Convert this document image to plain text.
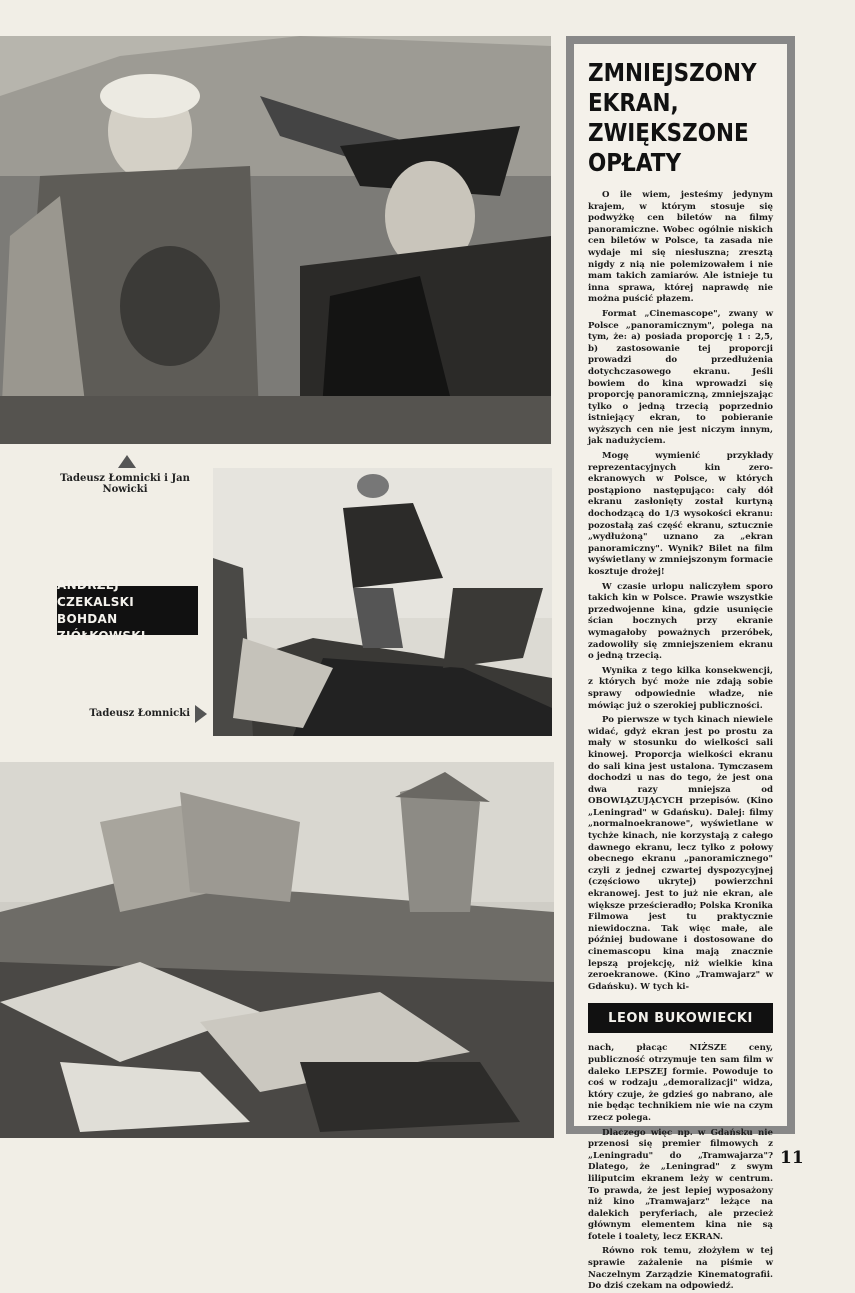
Tadeusz Łomnicki i Jan Nowicki
Tadeusz Łomnicki
ANDRZEJ CZEKALSKI
BOHDAN ZIÓŁKOWSKI
ZMNIEJSZONY
EKRAN,
ZWIĘKSZONE
OPŁATY

O ile wiem, jesteśmy jedynym krajem, w którym stosuje się podwyżkę cen biletów na filmy panoramiczne. Wobec ogólnie niskich cen biletów w Polsce, ta zasada nie wydaje mi się niesłuszna; zresztą nigdy z nią nie polemizowałem i nie mam takich zamiarów. Ale istnieje tu inna sprawa, której naprawdę nie można puścić płazem.

Format „Cinemascope", zwany w Polsce „panoramicznym", polega na tym, że: a) posiada proporcję 1 : 2,5, b) zastosowanie tej proporcji prowadzi do przedłużenia dotychczasowego ekranu. Jeśli bowiem do kina wprowadzi się proporcję panoramiczną, zmniejszając tylko o jedną trzecią poprzednio istniejący ekran, to pobieranie wyższych cen nie jest niczym innym, jak nadużyciem.

Mogę wymienić przykłady reprezentacyjnych kin zero-ekranowych w Polsce, w których postąpiono następująco: cały dół ekranu zasłonięty został kurtyną dochodzącą do 1/3 wysokości ekranu: pozostałą zaś część ekranu, sztucznie „wydłużoną" uznano za „ekran panoramiczny". Wynik? Bilet na film wyświetlany w zmniejszonym formacie kosztuje drożej!

W czasie urlopu naliczyłem sporo takich kin w Polsce. Prawie wszystkie przedwojenne kina, gdzie usunięcie ścian bocznych przy ekranie wymagałoby poważnych przeróbek, zadowoliły się zmniejszeniem ekranu o jedną trzecią.

Wynika z tego kilka konsekwencji, z których być może nie zdają sobie sprawy odpowiednie władze, nie mówiąc już o szerokiej publiczności.

Po pierwsze w tych kinach niewiele widać, gdyż ekran jest po prostu za mały w stosunku do wielkości sali kinowej. Proporcja wielkości ekranu do sali kina jest ustalona. Tymczasem dochodzi u nas do tego, że jest ona dwa razy mniejsza od OBOWIĄZUJĄCYCH przepisów. (Kino „Leningrad" w Gdańsku). Dalej: filmy „normalnoekranowe", wyświetlane w tychże kinach, nie korzystają z całego dawnego ekranu, lecz tylko z połowy obecnego ekranu „panoramicznego" czyli z jednej czwartej dyspozycyjnej (częściowo ukrytej) powierzchni ekranowej. Jest to już nie ekran, ale większe prześcieradło; Polska Kronika Filmowa jest tu praktycznie niewidoczna. Tak więc małe, ale później budowane i dostosowane do cinemascopu kina mają znacznie lepszą projekcję, niż wielkie kina zeroekranowe. (Kino „Tramwajarz" w Gdańsku). W tych ki-

LEON BUKOWIECKI

nach, płacąc NIŻSZE ceny, publiczność otrzymuje ten sam film w daleko LEPSZEJ formie. Powoduje to coś w rodzaju „demoralizacji" widza, który czuje, że gdzieś go nabrano, ale nie będąc technikiem nie wie na czym rzecz polega.

Dlaczego więc np. w Gdańsku nie przenosi się premier filmowych z „Leningradu" do „Tramwajarza"? Dlatego, że „Leningrad" z swym liliputcim ekranem leży w centrum. To prawda, że jest lepiej wyposażony niż kino „Tramwajarz" leżące na dalekich peryferiach, ale przecież głównym elementem kina nie są fotele i toalety, lecz EKRAN.

Równo rok temu, złożyłem w tej sprawie zażalenie na piśmie w Naczelnym Zarządzie Kinematografii. Do dziś czekam na odpowiedź.

11
